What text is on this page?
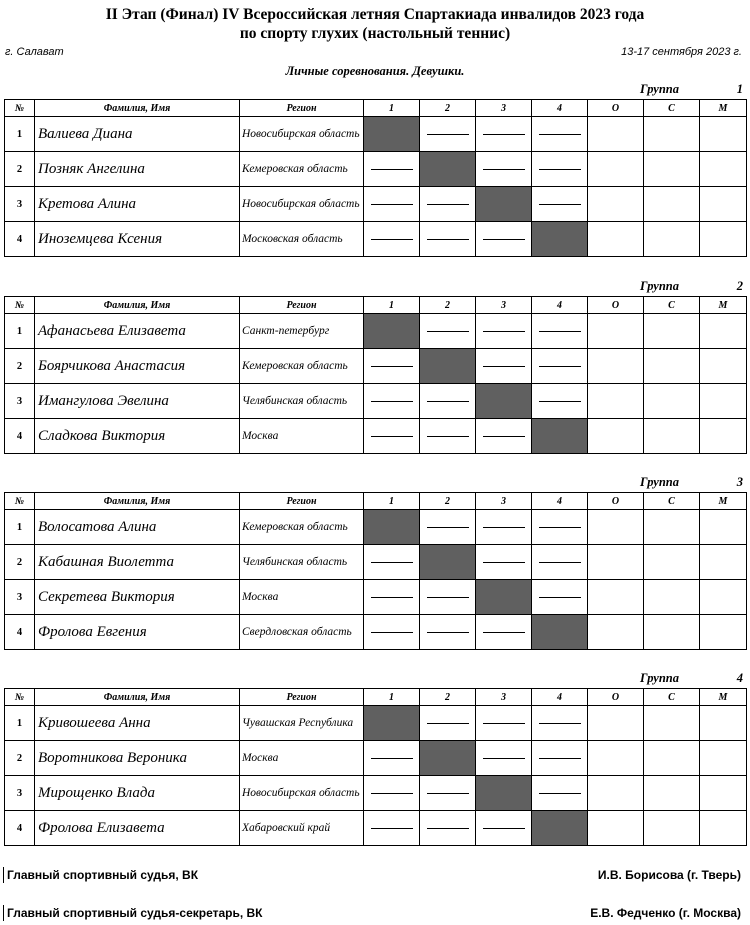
II Этап (Финал) IV Всероссийская летняя Спартакиада инвалидов 2023 года
по спорту глухих (настольный теннис)
г. Салават	13-17 сентября 2023 г.
Личные соревнования. Девушки.
Группа	1
№	Фамилия, Имя	Регион	1	2	3	4	О	С	М
1	Валиева Диана	Новосибирская область							
2	Позняк Ангелина	Кемеровская область							
3	Кретова Алина	Новосибирская область							
4	Иноземцева Ксения	Московская область							
Группа	2
№	Фамилия, Имя	Регион	1	2	3	4	О	С	М
1	Афанасьева Елизавета	Санкт-петербург							
2	Боярчикова Анастасия	Кемеровская область							
3	Имангулова Эвелина	Челябинская область							
4	Сладкова Виктория	Москва							
Группа	3
№	Фамилия, Имя	Регион	1	2	3	4	О	С	М
1	Волосатова Алина	Кемеровская область							
2	Кабашная Виолетта	Челябинская область							
3	Секретева Виктория	Москва							
4	Фролова Евгения	Свердловская область							
Группа	4
№	Фамилия, Имя	Регион	1	2	3	4	О	С	М
1	Кривошеева Анна	Чувашская Республика							
2	Воротникова Вероника	Москва							
3	Мирощенко Влада	Новосибирская область							
4	Фролова Елизавета	Хабаровский край							
Главный спортивный судья, ВК	И.В. Борисова (г. Тверь)
Главный спортивный судья-секретарь, ВК	Е.В. Федченко (г. Москва)
